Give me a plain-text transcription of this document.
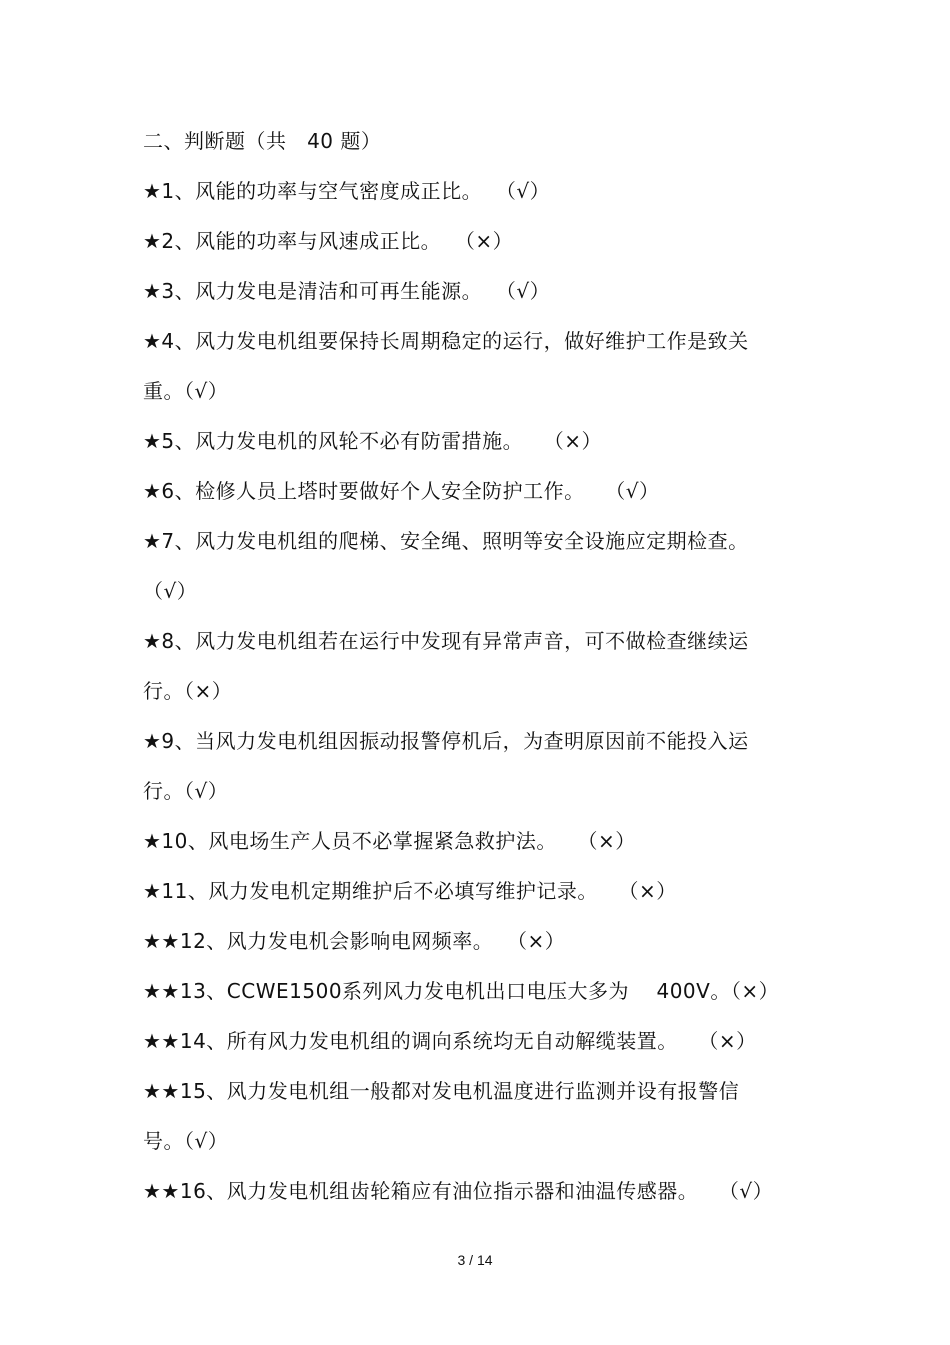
二、判断题（共   40 题）
★1、风能的功率与空气密度成正比。  （√）
★2、风能的功率与风速成正比。  （×）
★3、风力发电是清洁和可再生能源。  （√）
★4、风力发电机组要保持长周期稳定的运行，做好维护工作是致关
重。（√）
★5、风力发电机的风轮不必有防雷措施。   （×）
★6、检修人员上塔时要做好个人安全防护工作。   （√）
★7、风力发电机组的爬梯、安全绳、照明等安全设施应定期检查。
（√）
★8、风力发电机组若在运行中发现有异常声音，可不做检查继续运
行。（×）
★9、当风力发电机组因振动报警停机后，为查明原因前不能投入运
行。（√）
★10、风电场生产人员不必掌握紧急救护法。   （×）
★11、风力发电机定期维护后不必填写维护记录。   （×）
★★12、风力发电机会影响电网频率。  （×）
★★13、CCWE1500系列风力发电机出口电压大多为    400V。（×）
★★14、所有风力发电机组的调向系统均无自动解缆装置。   （×）
★★15、风力发电机组一般都对发电机温度进行监测并设有报警信
号。（√）
★★16、风力发电机组齿轮箱应有油位指示器和油温传感器。   （√）
3 / 14
